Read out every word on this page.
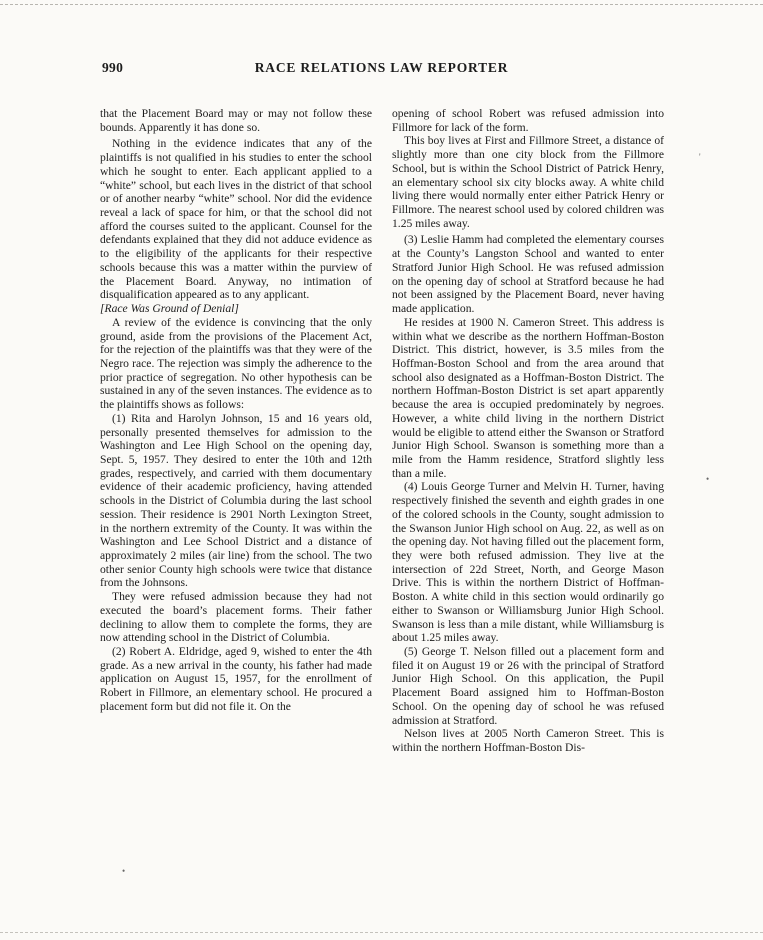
990	RACE RELATIONS LAW REPORTER

that the Placement Board may or may not follow these bounds. Apparently it has done so.

Nothing in the evidence indicates that any of the plaintiffs is not qualified in his studies to enter the school which he sought to enter. Each applicant applied to a “white” school, but each lives in the district of that school or of another nearby “white” school. Nor did the evidence reveal a lack of space for him, or that the school did not afford the courses suited to the applicant. Counsel for the defendants explained that they did not adduce evidence as to the eligibility of the applicants for their respective schools because this was a matter within the purview of the Placement Board. Anyway, no intimation of disqualification appeared as to any applicant.

[Race Was Ground of Denial]

A review of the evidence is convincing that the only ground, aside from the provisions of the Placement Act, for the rejection of the plaintiffs was that they were of the Negro race. The rejection was simply the adherence to the prior practice of segregation. No other hypothesis can be sustained in any of the seven instances. The evidence as to the plaintiffs shows as follows:

(1) Rita and Harolyn Johnson, 15 and 16 years old, personally presented themselves for admission to the Washington and Lee High School on the opening day, Sept. 5, 1957. They desired to enter the 10th and 12th grades, respectively, and carried with them documentary evidence of their academic proficiency, having attended schools in the District of Columbia during the last school session. Their residence is 2901 North Lexington Street, in the northern extremity of the County. It was within the Washington and Lee School District and a distance of approximately 2 miles (air line) from the school. The two other senior County high schools were twice that distance from the Johnsons.

They were refused admission because they had not executed the board’s placement forms. Their father declining to allow them to complete the forms, they are now attending school in the District of Columbia.

(2) Robert A. Eldridge, aged 9, wished to enter the 4th grade. As a new arrival in the county, his father had made application on August 15, 1957, for the enrollment of Robert in Fillmore, an elementary school. He procured a placement form but did not file it. On the

opening of school Robert was refused admission into Fillmore for lack of the form.

This boy lives at First and Fillmore Street, a distance of slightly more than one city block from the Fillmore School, but is within the School District of Patrick Henry, an elementary school six city blocks away. A white child living there would normally enter either Patrick Henry or Fillmore. The nearest school used by colored children was 1.25 miles away.

(3) Leslie Hamm had completed the elementary courses at the County’s Langston School and wanted to enter Stratford Junior High School. He was refused admission on the opening day of school at Stratford because he had not been assigned by the Placement Board, never having made application.

He resides at 1900 N. Cameron Street. This address is within what we describe as the northern Hoffman-Boston District. This district, however, is 3.5 miles from the Hoffman-Boston School and from the area around that school also designated as a Hoffman-Boston District. The northern Hoffman-Boston District is set apart apparently because the area is occupied predominately by negroes. However, a white child living in the northern District would be eligible to attend either the Swanson or Stratford Junior High School. Swanson is something more than a mile from the Hamm residence, Stratford slightly less than a mile.

(4) Louis George Turner and Melvin H. Turner, having respectively finished the seventh and eighth grades in one of the colored schools in the County, sought admission to the Swanson Junior High school on Aug. 22, as well as on the opening day. Not having filled out the placement form, they were both refused admission. They live at the intersection of 22d Street, North, and George Mason Drive. This is within the northern District of Hoffman-Boston. A white child in this section would ordinarily go either to Swanson or Williamsburg Junior High School. Swanson is less than a mile distant, while Williamsburg is about 1.25 miles away.

(5) George T. Nelson filled out a placement form and filed it on August 19 or 26 with the principal of Stratford Junior High School. On this application, the Pupil Placement Board assigned him to Hoffman-Boston School. On the opening day of school he was refused admission at Stratford.

Nelson lives at 2005 North Cameron Street. This is within the northern Hoffman-Boston Dis-

'
•
•
